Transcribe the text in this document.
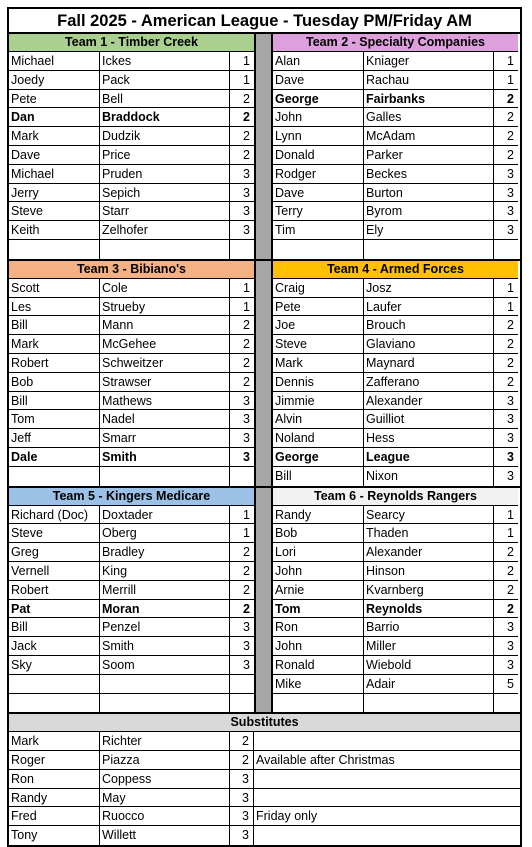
Fall 2025 - American League - Tuesday PM/Friday AM
Team 1 - Timber Creek
Michael	Ickes	1
Joedy	Pack	1
Pete	Bell	2
Dan	Braddock	2
Mark	Dudzik	2
Dave	Price	2
Michael	Pruden	3
Jerry	Sepich	3
Steve	Starr	3
Keith	Zelhofer	3
Team 2 - Specialty Companies
Alan	Kniager	1
Dave	Rachau	1
George	Fairbanks	2
John	Galles	2
Lynn	McAdam	2
Donald	Parker	2
Rodger	Beckes	3
Dave	Burton	3
Terry	Byrom	3
Tim	Ely	3
Team 3 - Bibiano's
Scott	Cole	1
Les	Strueby	1
Bill	Mann	2
Mark	McGehee	2
Robert	Schweitzer	2
Bob	Strawser	2
Bill	Mathews	3
Tom	Nadel	3
Jeff	Smarr	3
Dale	Smith	3
Team 4 - Armed Forces
Craig	Josz	1
Pete	Laufer	1
Joe	Brouch	2
Steve	Glaviano	2
Mark	Maynard	2
Dennis	Zafferano	2
Jimmie	Alexander	3
Alvin	Guilliot	3
Noland	Hess	3
George	League	3
Bill	Nixon	3
Team 5 - Kingers Medicare
Richard (Doc)	Doxtader	1
Steve	Oberg	1
Greg	Bradley	2
Vernell	King	2
Robert	Merrill	2
Pat	Moran	2
Bill	Penzel	3
Jack	Smith	3
Sky	Soom	3
Team 6 - Reynolds Rangers
Randy	Searcy	1
Bob	Thaden	1
Lori	Alexander	2
John	Hinson	2
Arnie	Kvarnberg	2
Tom	Reynolds	2
Ron	Barrio	3
John	Miller	3
Ronald	Wiebold	3
Mike	Adair	5
Substitutes
Mark	Richter	2
Roger	Piazza	2 Available after Christmas
Ron	Coppess	3
Randy	May	3
Fred	Ruocco	3 Friday only
Tony	Willett	3
